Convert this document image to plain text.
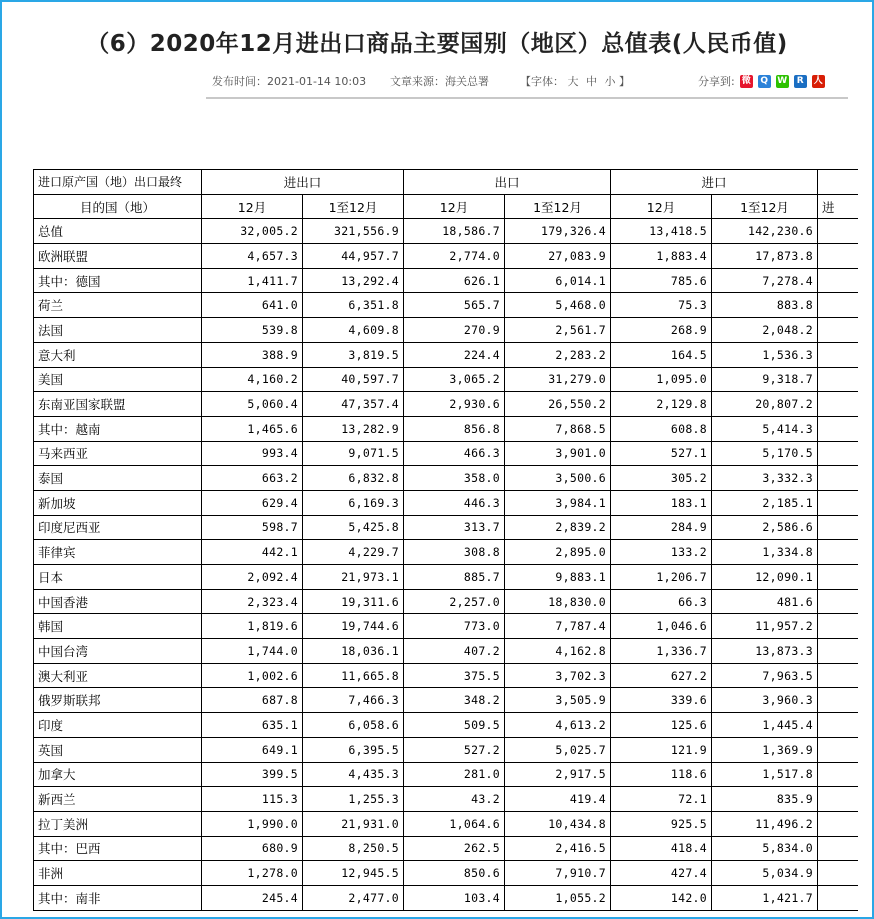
（6）2020年12月进出口商品主要国别（地区）总值表(人民币值)
发布时间：2021-01-14 10:03 文章来源：海关总署	【字体： 大 中 小 】	分享到: 微 Q W	R	人
进口原产国（地）出口最终	进出口		出口		进口		
目的国（地）	12月	1至12月	12月	1至12月	12月	1至12月	进
总值	32,005.2	321,556.9	18,586.7	179,326.4	13,418.5	142,230.6	
欧洲联盟	4,657.3	44,957.7	2,774.0	27,083.9	1,883.4	17,873.8	
其中：德国	1,411.7	13,292.4	626.1	6,014.1	785.6	7,278.4	
荷兰	641.0	6,351.8	565.7	5,468.0	75.3	883.8	
法国	539.8	4,609.8	270.9	2,561.7	268.9	2,048.2	
意大利	388.9	3,819.5	224.4	2,283.2	164.5	1,536.3	
美国	4,160.2	40,597.7	3,065.2	31,279.0	1,095.0	9,318.7	
东南亚国家联盟	5,060.4	47,357.4	2,930.6	26,550.2	2,129.8	20,807.2	
其中：越南	1,465.6	13,282.9	856.8	7,868.5	608.8	5,414.3	
马来西亚	993.4	9,071.5	466.3	3,901.0	527.1	5,170.5	
泰国	663.2	6,832.8	358.0	3,500.6	305.2	3,332.3	
新加坡	629.4	6,169.3	446.3	3,984.1	183.1	2,185.1	
印度尼西亚	598.7	5,425.8	313.7	2,839.2	284.9	2,586.6	
菲律宾	442.1	4,229.7	308.8	2,895.0	133.2	1,334.8	
日本	2,092.4	21,973.1	885.7	9,883.1	1,206.7	12,090.1	
中国香港	2,323.4	19,311.6	2,257.0	18,830.0	66.3	481.6	
韩国	1,819.6	19,744.6	773.0	7,787.4	1,046.6	11,957.2	
中国台湾	1,744.0	18,036.1	407.2	4,162.8	1,336.7	13,873.3	
澳大利亚	1,002.6	11,665.8	375.5	3,702.3	627.2	7,963.5	
俄罗斯联邦	687.8	7,466.3	348.2	3,505.9	339.6	3,960.3	
印度	635.1	6,058.6	509.5	4,613.2	125.6	1,445.4	
英国	649.1	6,395.5	527.2	5,025.7	121.9	1,369.9	
加拿大	399.5	4,435.3	281.0	2,917.5	118.6	1,517.8	
新西兰	115.3	1,255.3	43.2	419.4	72.1	835.9	
拉丁美洲	1,990.0	21,931.0	1,064.6	10,434.8	925.5	11,496.2	
其中：巴西	680.9	8,250.5	262.5	2,416.5	418.4	5,834.0	
非洲	1,278.0	12,945.5	850.6	7,910.7	427.4	5,034.9	
其中：南非	245.4	2,477.0	103.4	1,055.2	142.0	1,421.7	
